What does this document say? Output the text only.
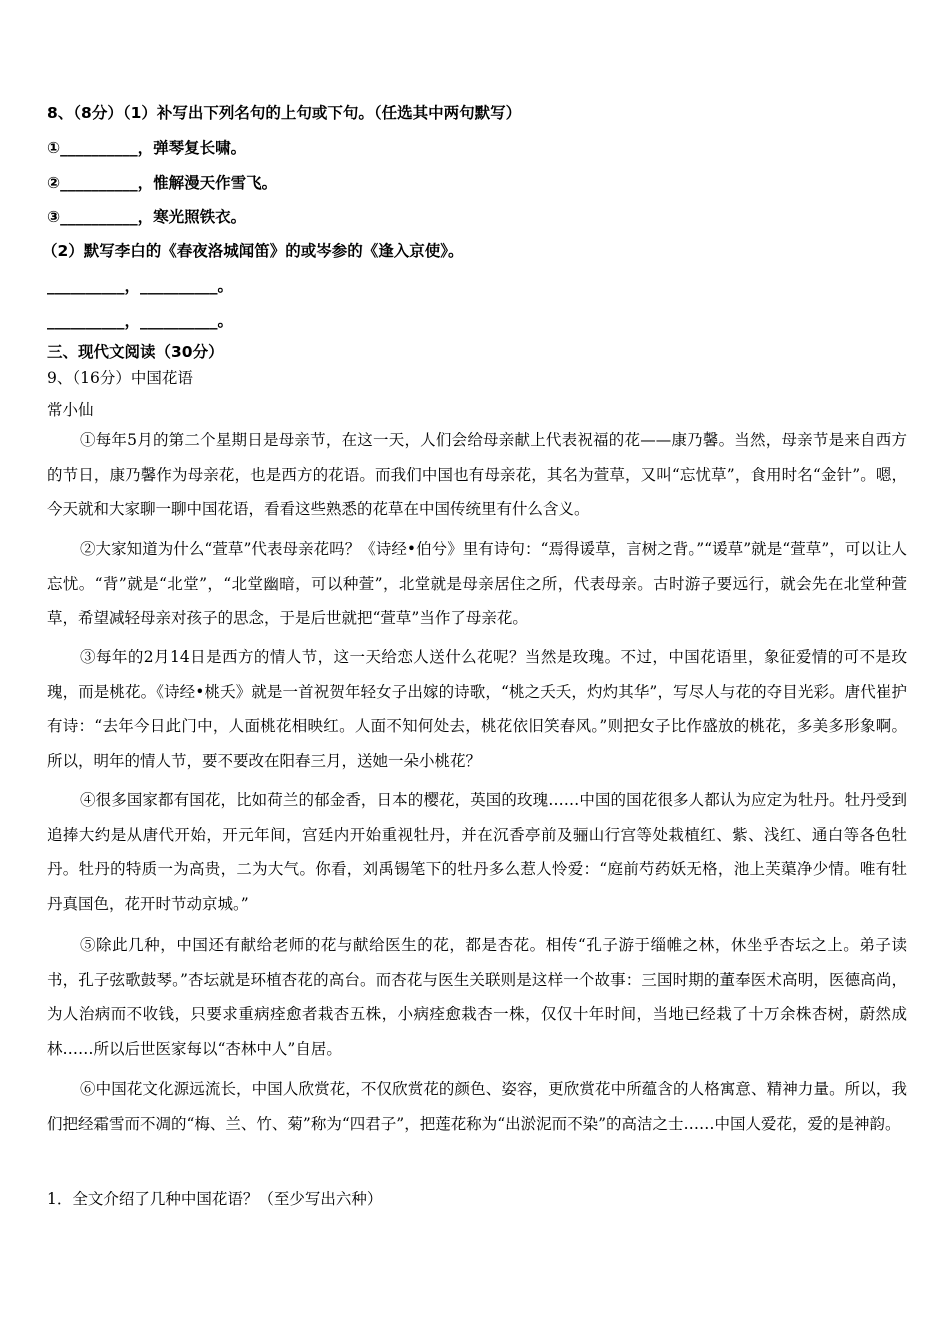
8、（8分）（1）补写出下列名句的上句或下句。（任选其中两句默写）
①__________，弹琴复长啸。
②__________，惟解漫天作雪飞。
③__________，寒光照铁衣。
（2）默写李白的《春夜洛城闻笛》的或岑参的《逢入京使》。
__________，__________。
__________，__________。
三、现代文阅读（30分）
9、（16分）中国花语
常小仙
①每年5月的第二个星期日是母亲节，在这一天，人们会给母亲献上代表祝福的花——康乃馨。当然，母亲节是来自西方的节日，康乃馨作为母亲花，也是西方的花语。而我们中国也有母亲花，其名为萱草，又叫“忘忧草”，食用时名“金针”。嗯，今天就和大家聊一聊中国花语，看看这些熟悉的花草在中国传统里有什么含义。
②大家知道为什么“萱草”代表母亲花吗？《诗经•伯兮》里有诗句：“焉得谖草，言树之背。”“谖草”就是“萱草”，可以让人忘忧。“背”就是“北堂”，“北堂幽暗，可以种萱”，北堂就是母亲居住之所，代表母亲。古时游子要远行，就会先在北堂种萱草，希望减轻母亲对孩子的思念，于是后世就把“萱草”当作了母亲花。
③每年的2月14日是西方的情人节，这一天给恋人送什么花呢？当然是玫瑰。不过，中国花语里，象征爱情的可不是玫瑰，而是桃花。《诗经•桃夭》就是一首祝贺年轻女子出嫁的诗歌，“桃之夭夭，灼灼其华”，写尽人与花的夺目光彩。唐代崔护有诗：“去年今日此门中，人面桃花相映红。人面不知何处去，桃花依旧笑春风。”则把女子比作盛放的桃花，多美多形象啊。所以，明年的情人节，要不要改在阳春三月，送她一朵小桃花？
④很多国家都有国花，比如荷兰的郁金香，日本的樱花，英国的玫瑰……中国的国花很多人都认为应定为牡丹。牡丹受到追捧大约是从唐代开始，开元年间，宫廷内开始重视牡丹，并在沉香亭前及骊山行宫等处栽植红、紫、浅红、通白等各色牡丹。牡丹的特质一为高贵，二为大气。你看，刘禹锡笔下的牡丹多么惹人怜爱：“庭前芍药妖无格，池上芙蕖净少情。唯有牡丹真国色，花开时节动京城。”
⑤除此几种，中国还有献给老师的花与献给医生的花，都是杏花。相传“孔子游于缁帷之林，休坐乎杏坛之上。弟子读书，孔子弦歌鼓琴。”杏坛就是环植杏花的高台。而杏花与医生关联则是这样一个故事：三国时期的董奉医术高明，医德高尚，为人治病而不收钱，只要求重病痊愈者栽杏五株，小病痊愈栽杏一株，仅仅十年时间，当地已经栽了十万余株杏树，蔚然成林……所以后世医家每以“杏林中人”自居。
⑥中国花文化源远流长，中国人欣赏花，不仅欣赏花的颜色、姿容，更欣赏花中所蕴含的人格寓意、精神力量。所以，我们把经霜雪而不凋的“梅、兰、竹、菊”称为“四君子”，把莲花称为“出淤泥而不染”的高洁之士……中国人爱花，爱的是神韵。
1．全文介绍了几种中国花语？（至少写出六种）
